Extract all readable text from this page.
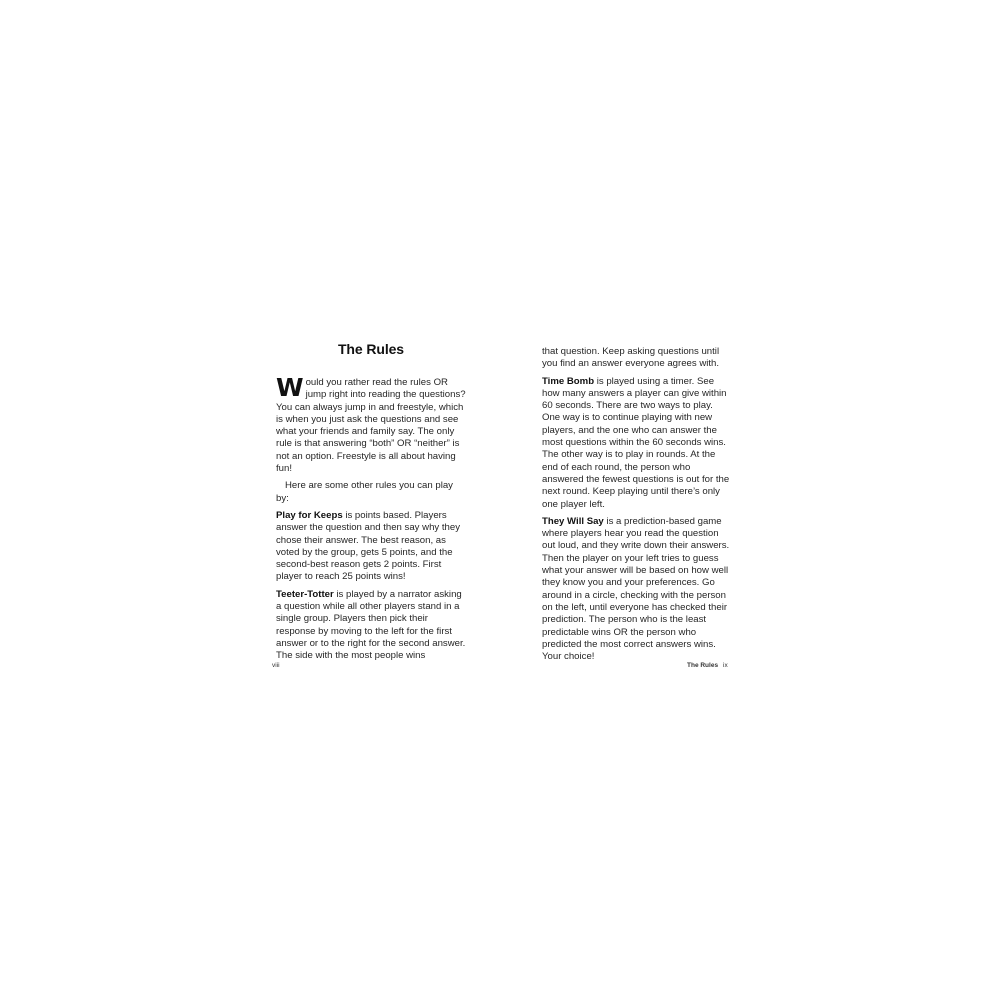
The Rules

Would you rather read the rules OR jump right into reading the questions? You can always jump in and freestyle, which is when you just ask the questions and see what your friends and family say. The only rule is that answering “both” OR “neither” is not an option. Freestyle is all about having fun!

Here are some other rules you can play by:

Play for Keeps is points based. Players answer the question and then say why they chose their answer. The best reason, as voted by the group, gets 5 points, and the second-best reason gets 2 points. First player to reach 25 points wins!

Teeter-Totter is played by a narrator asking a question while all other players stand in a single group. Players then pick their response by moving to the left for the first answer or to the right for the second answer. The side with the most people wins

viii

that question. Keep asking questions until you find an answer everyone agrees with.

Time Bomb is played using a timer. See how many answers a player can give within 60 seconds. There are two ways to play. One way is to continue playing with new players, and the one who can answer the most questions within the 60 seconds wins. The other way is to play in rounds. At the end of each round, the person who answered the fewest questions is out for the next round. Keep playing until there’s only one player left.

They Will Say is a prediction-based game where players hear you read the question out loud, and they write down their answers. Then the player on your left tries to guess what your answer will be based on how well they know you and your preferences. Go around in a circle, checking with the person on the left, until everyone has checked their prediction. The person who is the least predictable wins OR the person who predicted the most correct answers wins. Your choice!

The Rules ix
